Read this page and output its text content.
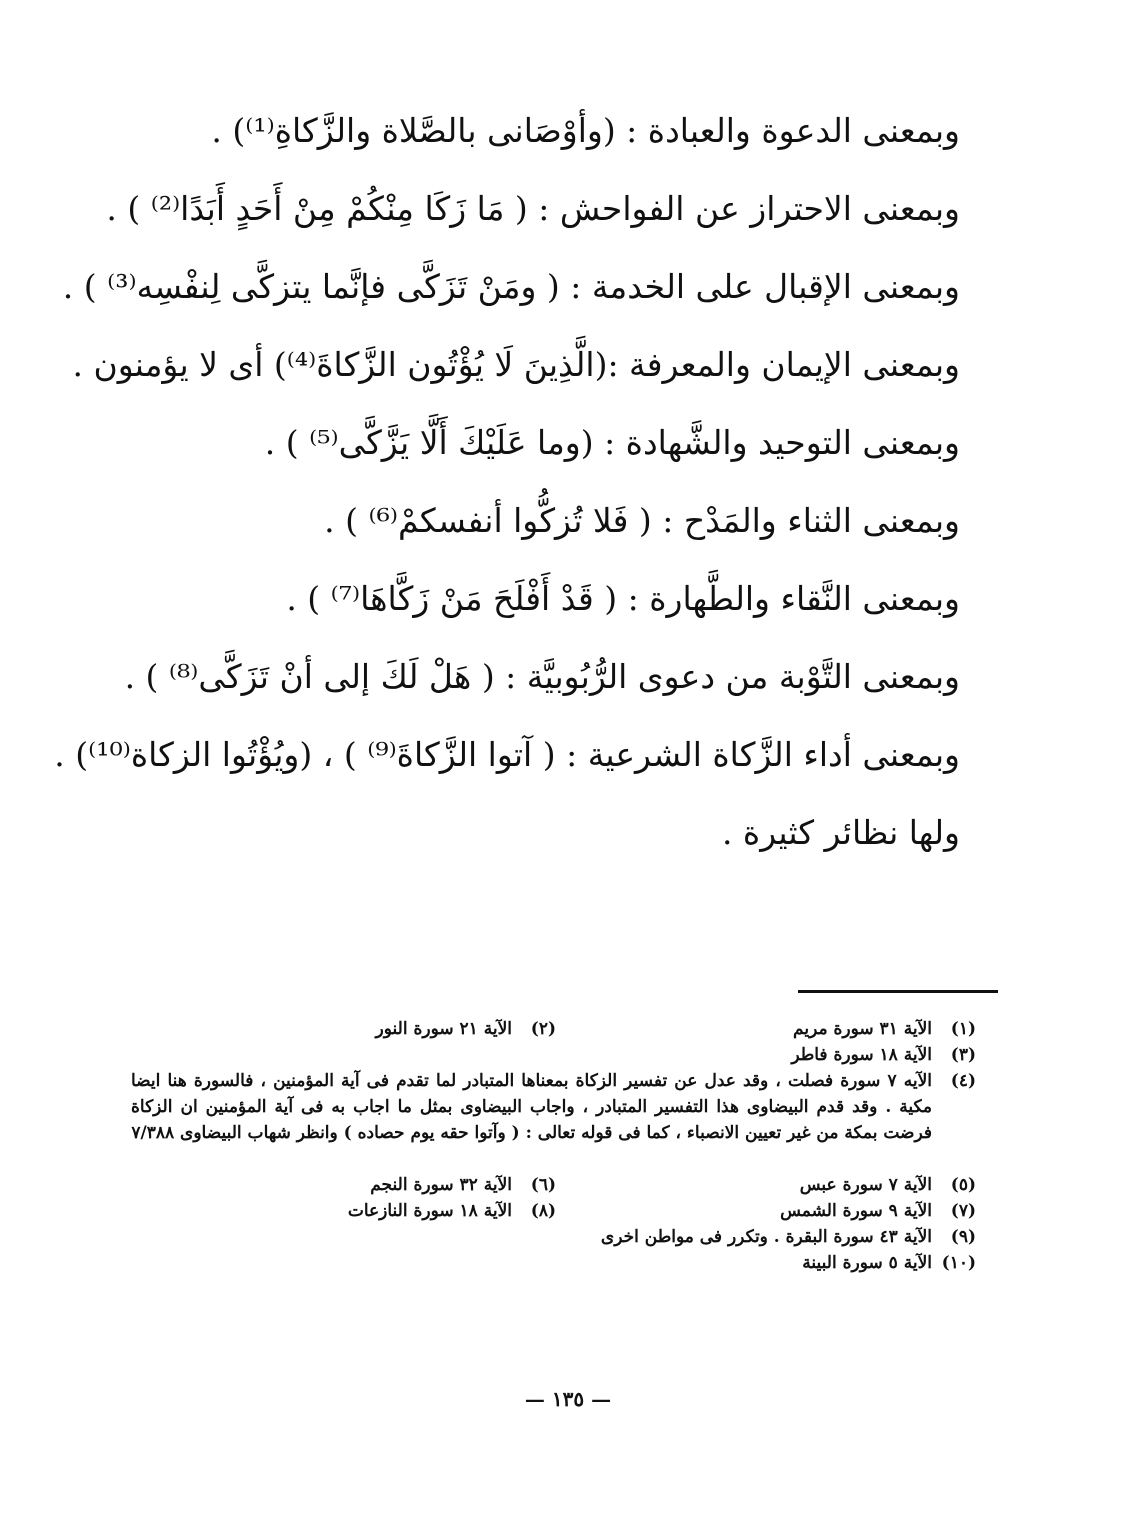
وبمعنى الدعوة والعبادة : (وأوْصَانى بالصَّلاة والزَّكاةِ⁽¹⁾) .
وبمعنى الاحتراز عن الفواحش : ( مَا زَكَا مِنْكُمْ مِنْ أَحَدٍ أَبَدًا⁽²⁾ ) .
وبمعنى الإقبال على الخدمة : ( ومَنْ تَزَكَّى فإنَّما يتزكَّى لِنفْسِه⁽³⁾ ) .
وبمعنى الإيمان والمعرفة :(الَّذِينَ لَا يُؤْتُون الزَّكاةَ⁽⁴⁾) أى لا يؤمنون .
وبمعنى التوحيد والشَّهادة : (وما عَلَيْكَ أَلَّا يَزَّكَّى⁽⁵⁾ ) .
وبمعنى الثناء والمَدْح : ( فَلا تُزكُّوا أنفسكمْ⁽⁶⁾ ) .
وبمعنى النَّقاء والطَّهارة : ( قَدْ أَفْلَحَ مَنْ زَكَّاهَا⁽⁷⁾ ) .
وبمعنى التَّوْبة من دعوى الرُّبُوبيَّة : ( هَلْ لَكَ إلى أنْ تَزَكَّى⁽⁸⁾ ) .
وبمعنى أداء الزَّكاة الشرعية : ( آتوا الزَّكاةَ⁽⁹⁾ ) ، (ويُؤْتُوا الزكاة⁽¹⁰⁾) .
ولها نظائر كثيرة .
(١)
الآية ٣١ سورة مريم
(٢)
الآية ٢١ سورة النور
(٣)
الآية ١٨ سورة فاطر
(٤)
الآيه ٧ سورة فصلت ، وقد عدل عن تفسير الزكاة بمعناها المتبادر لما تقدم فى آية المؤمنين ، فالسورة هنا ايضا مكية . وقد قدم البيضاوى هذا التفسير المتبادر ، واجاب البيضاوى بمثل ما اجاب به فى آية المؤمنين ان الزكاة فرضت بمكة من غير تعيين الانصباء ، كما فى قوله تعالى : ( وآتوا حقه يوم حصاده ) وانظر شهاب البيضاوى ٧/٣٨٨
(٥)
الآية ٧ سورة عبس
(٦)
الآية ٣٢ سورة النجم
(٧)
الآية ٩ سورة الشمس
(٨)
الآية ١٨ سورة النازعات
(٩)
الآية ٤٣ سورة البقرة . وتكرر فى مواطن اخرى
(١٠)
الآية ٥ سورة البينة
— ١٣٥ —
